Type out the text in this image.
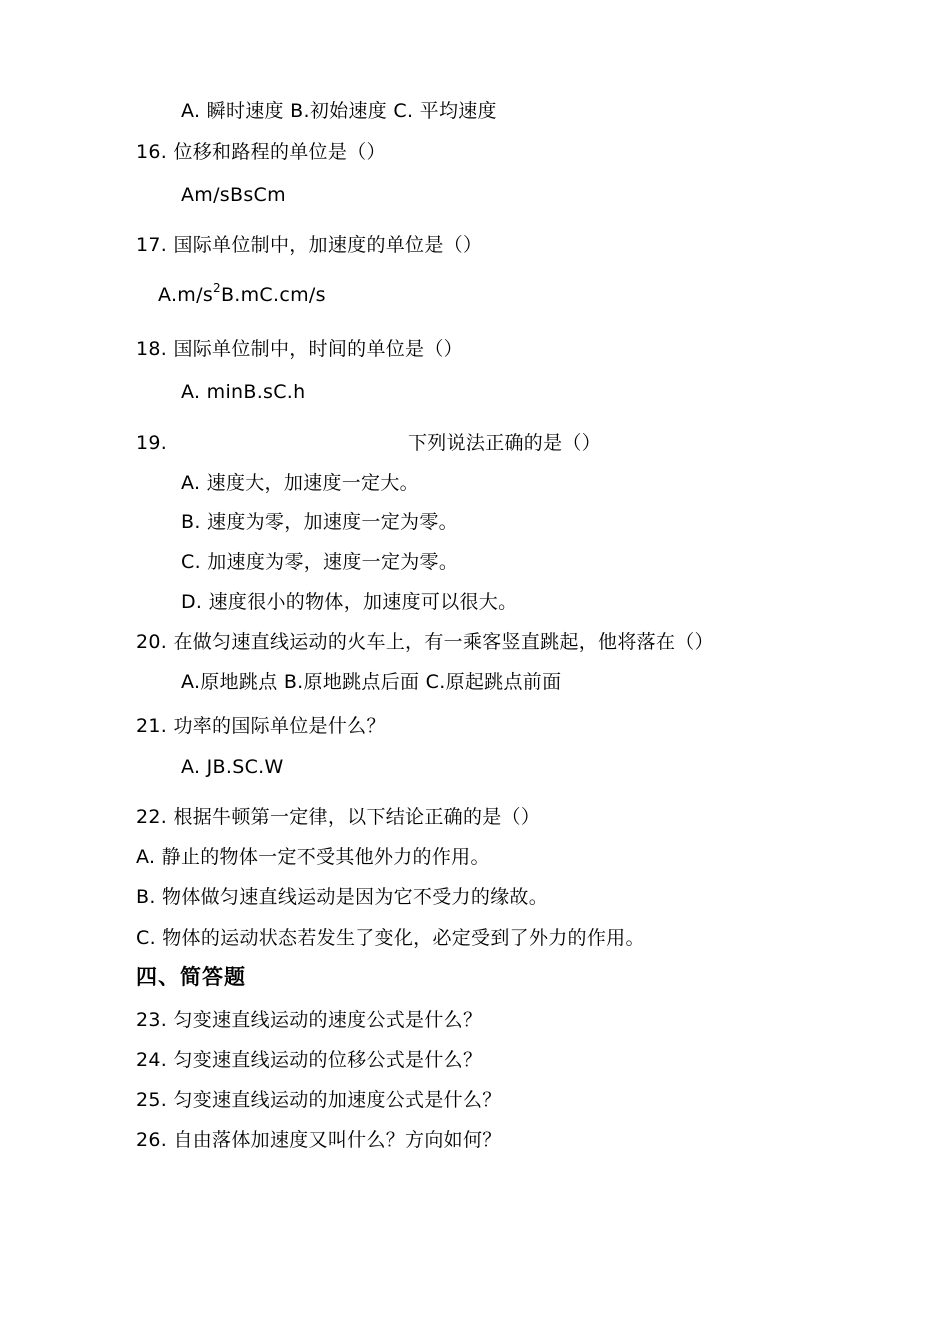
A. 瞬时速度 B.初始速度 C. 平均速度
16. 位移和路程的单位是（）
Am/sBsCm
17. 国际单位制中，加速度的单位是（）
$A.m/s^2B.mC.cm/s$
18. 国际单位制中，时间的单位是（）
A. minB.sC.h
19.	下列说法正确的是（）
A. 速度大，加速度一定大。
B. 速度为零，加速度一定为零。
C. 加速度为零，速度一定为零。
D. 速度很小的物体，加速度可以很大。
20. 在做匀速直线运动的火车上，有一乘客竖直跳起，他将落在（）
A.原地跳点 B.原地跳点后面 C.原起跳点前面
21. 功率的国际单位是什么？
A. JB.SC.W
22. 根据牛顿第一定律，以下结论正确的是（）
A. 静止的物体一定不受其他外力的作用。
B. 物体做匀速直线运动是因为它不受力的缘故。
C. 物体的运动状态若发生了变化，必定受到了外力的作用。
四、简答题
23. 匀变速直线运动的速度公式是什么？
24. 匀变速直线运动的位移公式是什么？
25. 匀变速直线运动的加速度公式是什么？
26. 自由落体加速度又叫什么？方向如何？
